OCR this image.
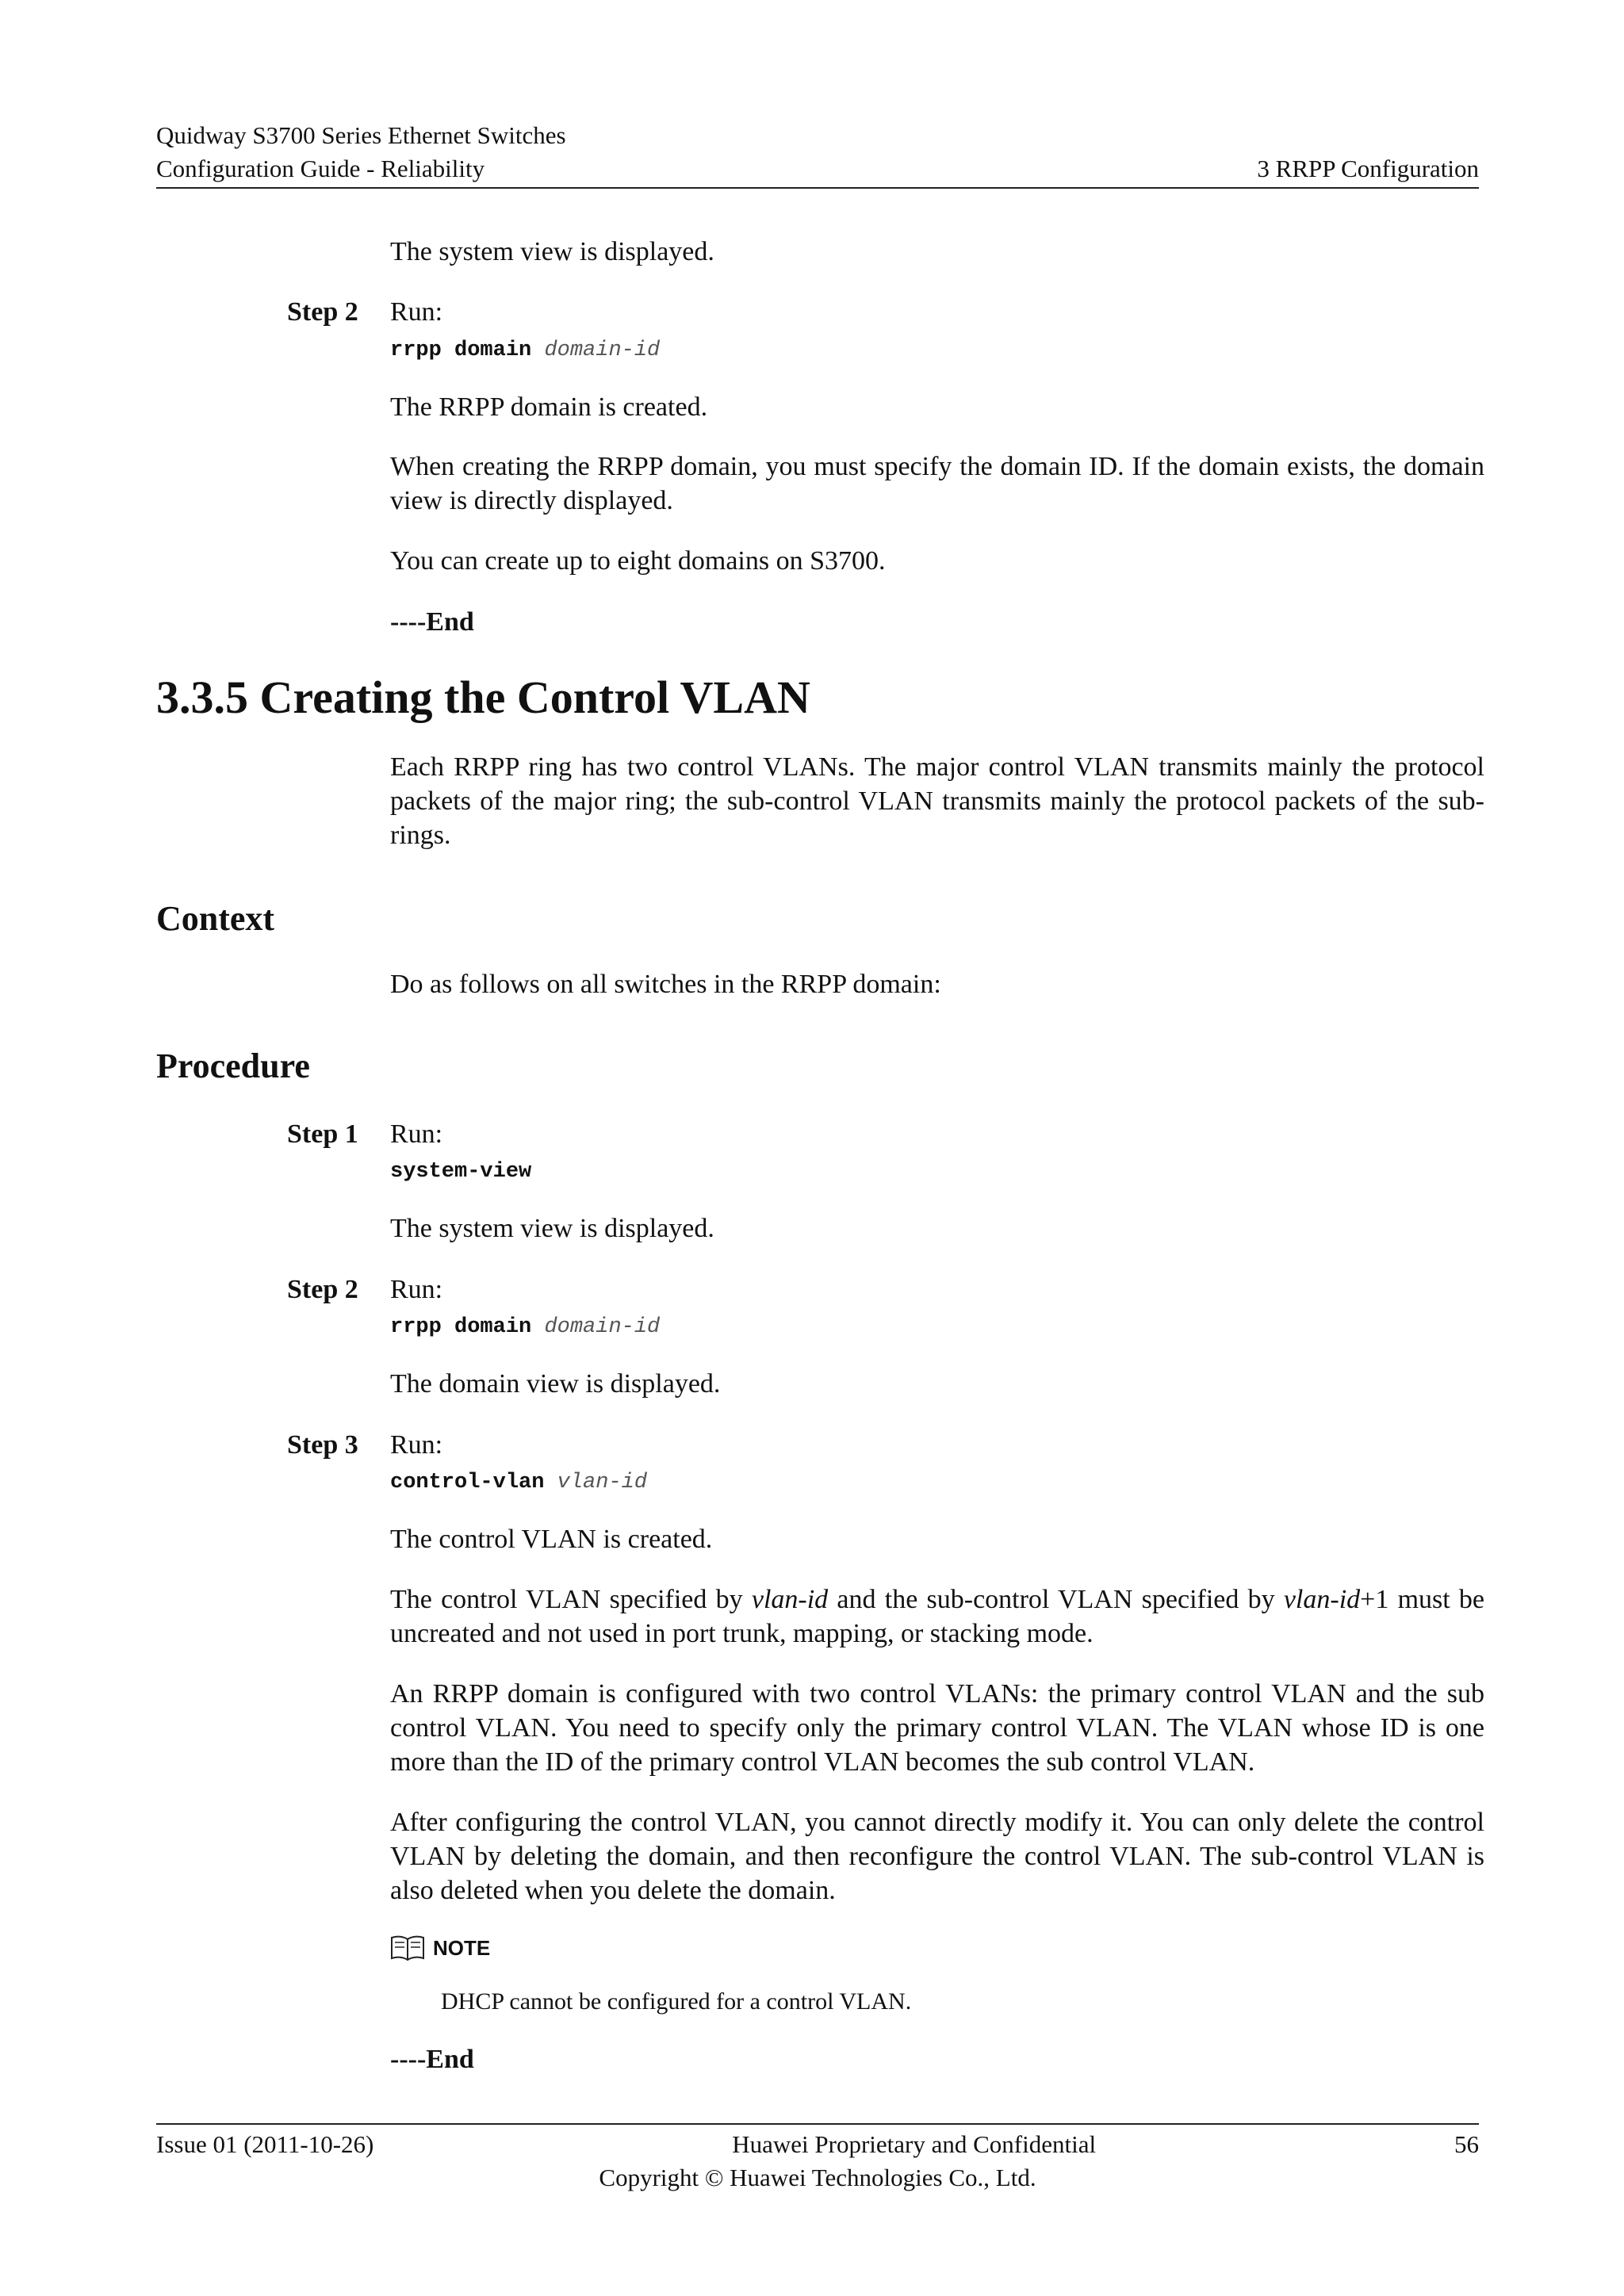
Quidway S3700 Series Ethernet Switches
Configuration Guide - Reliability	3 RRPP Configuration
The system view is displayed.
Step 2 Run:
rrpp domain domain-id
The RRPP domain is created.
When creating the RRPP domain, you must specify the domain ID. If the domain exists, the domain view is directly displayed.
You can create up to eight domains on S3700.
----End
3.3.5 Creating the Control VLAN
Each RRPP ring has two control VLANs. The major control VLAN transmits mainly the protocol packets of the major ring; the sub-control VLAN transmits mainly the protocol packets of the sub-rings.
Context
Do as follows on all switches in the RRPP domain:
Procedure
Step 1 Run:
system-view
The system view is displayed.
Step 2 Run:
rrpp domain domain-id
The domain view is displayed.
Step 3 Run:
control-vlan vlan-id
The control VLAN is created.
The control VLAN specified by vlan-id and the sub-control VLAN specified by vlan-id+1 must be uncreated and not used in port trunk, mapping, or stacking mode.
An RRPP domain is configured with two control VLANs: the primary control VLAN and the sub control VLAN. You need to specify only the primary control VLAN. The VLAN whose ID is one more than the ID of the primary control VLAN becomes the sub control VLAN.
After configuring the control VLAN, you cannot directly modify it. You can only delete the control VLAN by deleting the domain, and then reconfigure the control VLAN. The sub-control VLAN is also deleted when you delete the domain.
NOTE
DHCP cannot be configured for a control VLAN.
----End
Issue 01 (2011-10-26)	Huawei Proprietary and Confidential	56
Copyright © Huawei Technologies Co., Ltd.
